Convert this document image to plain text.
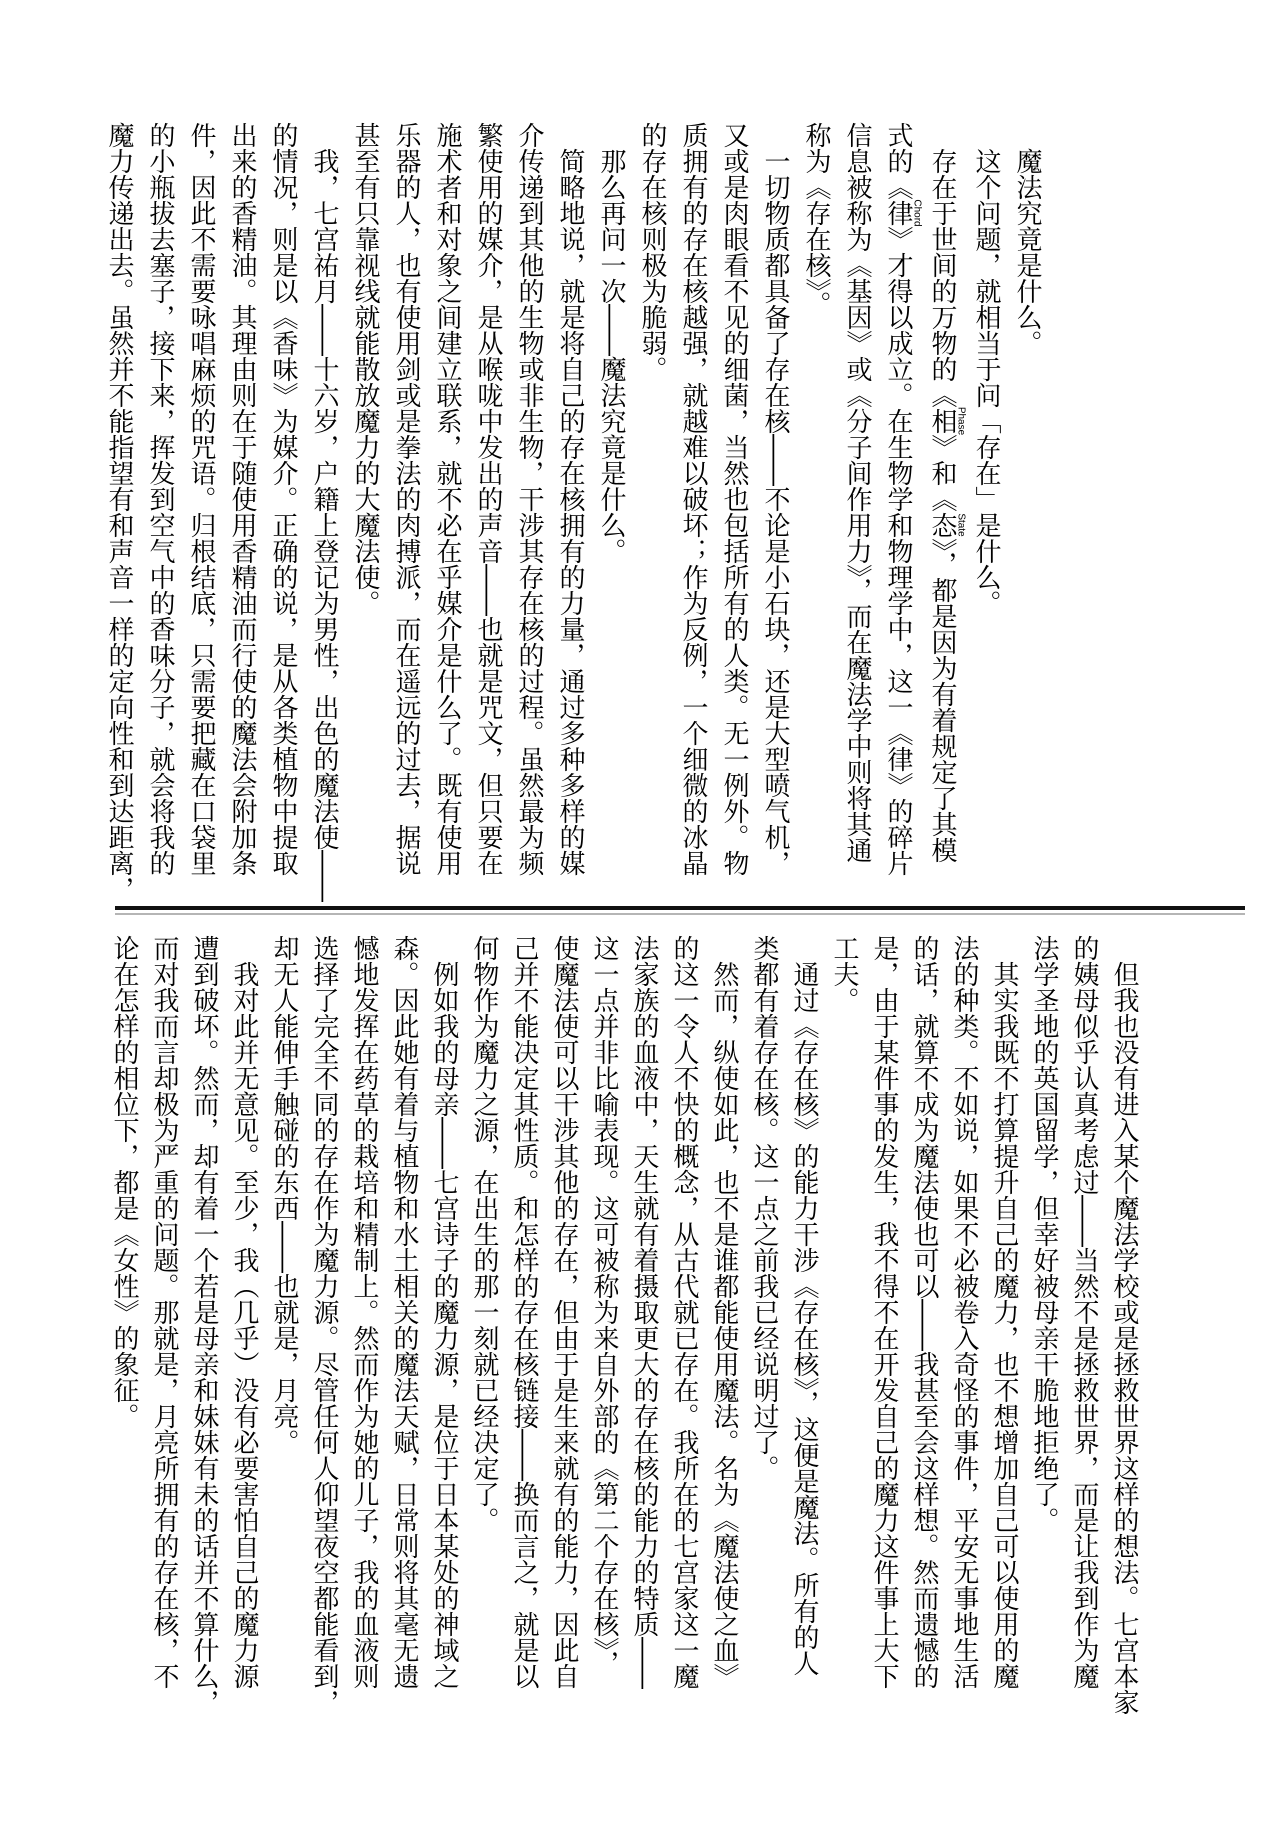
　魔法究竟是什么。

　这个问题，就相当于问「存在」是什么。

　存在于世间的万物的《相Phase》和《态State》，都是因为有着规定了其模

式的《律Chord》才得以成立。在生物学和物理学中，这一《律》的碎片

信息被称为《基因》或《分子间作用力》，而在魔法学中则将其通

称为《存在核》。

　一切物质都具备了存在核——不论是小石块，还是大型喷气机，

又或是肉眼看不见的细菌，当然也包括所有的人类。无一例外。物

质拥有的存在核越强，就越难以破坏；作为反例，一个细微的冰晶

的存在核则极为脆弱。

　那么再问一次——魔法究竟是什么。

　简略地说，就是将自己的存在核拥有的力量，通过多种多样的媒

介传递到其他的生物或非生物，干涉其存在核的过程。虽然最为频

繁使用的媒介，是从喉咙中发出的声音——也就是咒文，但只要在

施术者和对象之间建立联系，就不必在乎媒介是什么了。既有使用

乐器的人，也有使用剑或是拳法的肉搏派，而在遥远的过去，据说

甚至有只靠视线就能散放魔力的大魔法使。

　我，七宫祐月——十六岁，户籍上登记为男性，出色的魔法使——

的情况，则是以《香味》为媒介。正确的说，是从各类植物中提取

出来的香精油。其理由则在于随使用香精油而行使的魔法会附加条

件，因此不需要咏唱麻烦的咒语。归根结底，只需要把藏在口袋里

的小瓶拔去塞子，接下来，挥发到空气中的香味分子，就会将我的

魔力传递出去。虽然并不能指望有和声音一样的定向性和到达距离，

　但我也没有进入某个魔法学校或是拯救世界这样的想法。七宫本家

的姨母似乎认真考虑过——当然不是拯救世界，而是让我到作为魔

法学圣地的英国留学，但幸好被母亲干脆地拒绝了。

　其实我既不打算提升自己的魔力，也不想增加自己可以使用的魔

法的种类。不如说，如果不必被卷入奇怪的事件，平安无事地生活

的话，就算不成为魔法使也可以——我甚至会这样想。然而遗憾的

是，由于某件事的发生，我不得不在开发自己的魔力这件事上大下

工夫。

　通过《存在核》的能力干涉《存在核》，这便是魔法。所有的人

类都有着存在核。这一点之前我已经说明过了。

　然而，纵使如此，也不是谁都能使用魔法。名为《魔法使之血》

的这一令人不快的概念，从古代就已存在。我所在的七宫家这一魔

法家族的血液中，天生就有着摄取更大的存在核的能力的特质——

这一点并非比喻表现。这可被称为来自外部的《第二个存在核》，

使魔法使可以干涉其他的存在，但由于是生来就有的能力，因此自

己并不能决定其性质。和怎样的存在核链接——换而言之，就是以

何物作为魔力之源，在出生的那一刻就已经决定了。

　例如我的母亲——七宫诗子的魔力源，是位于日本某处的神域之

森。因此她有着与植物和水土相关的魔法天赋，日常则将其毫无遗

憾地发挥在药草的栽培和精制上。然而作为她的儿子，我的血液则

选择了完全不同的存在作为魔力源。尽管任何人仰望夜空都能看到，

却无人能伸手触碰的东西——也就是，月亮。

　我对此并无意见。至少，我（几乎）没有必要害怕自己的魔力源

遭到破坏。然而，却有着一个若是母亲和妹妹有未的话并不算什么，

而对我而言却极为严重的问题。那就是，月亮所拥有的存在核，不

论在怎样的相位下，都是《女性》的象征。
